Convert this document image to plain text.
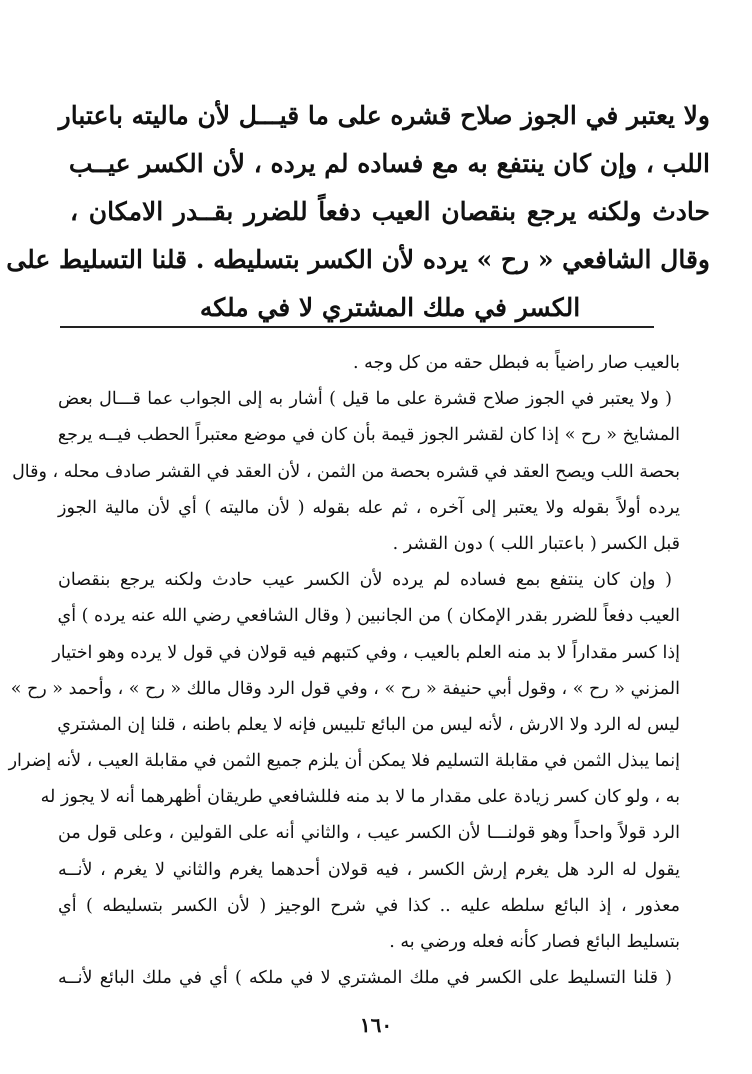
ولا يعتبر في الجوز صلاح قشره على ما قيـــل لأن ماليته باعتبار
اللب ، وإن كان ينتفع به مع فساده لم يرده ، لأن الكسر عيــب
حادث ولكنه يرجع بنقصان العيب دفعاً للضرر بقــدر الامكان ،
وقال الشافعي « رح » يرده لأن الكسر بتسليطه . قلنا التسليط على
الكسر في ملك المشتري لا في ملكه
بالعيب صار راضياً به فبطل حقه من كل وجه .
( ولا يعتبر في الجوز صلاح قشرة على ما قيل ) أشار به إلى الجواب عما قـــال بعض
المشايخ « رح » إذا كان لقشر الجوز قيمة بأن كان في موضع معتبراً الحطب فيــه يرجع
بحصة اللب ويصح العقد في قشره بحصة من الثمن ، لأن العقد في القشر صادف محله ، وقال
يرده أولاً بقوله ولا يعتبر إلى آخره ، ثم عله بقوله ( لأن ماليته ) أي لأن مالية الجوز
قبل الكسر ( باعتبار اللب ) دون القشر .
( وإن كان ينتفع بمع فساده لم يرده لأن الكسر عيب حادث ولكنه يرجع بنقصان
العيب دفعاً للضرر بقدر الإمكان ) من الجانبين ( وقال الشافعي رضي الله عنه يرده ) أي
إذا كسر مقداراً لا بد منه العلم بالعيب ، وفي كتبهم فيه قولان في قول لا يرده وهو اختيار
المزني « رح » ، وقول أبي حنيفة « رح » ، وفي قول الرد وقال مالك « رح » ، وأحمد « رح »
ليس له الرد ولا الارش ، لأنه ليس من البائع تلبيس فإنه لا يعلم باطنه ، قلنا إن المشتري
إنما يبذل الثمن في مقابلة التسليم فلا يمكن أن يلزم جميع الثمن في مقابلة العيب ، لأنه إضرار
به ، ولو كان كسر زيادة على مقدار ما لا بد منه فللشافعي طريقان أظهرهما أنه لا يجوز له
الرد قولاً واحداً وهو قولنـــا لأن الكسر عيب ، والثاني أنه على القولين ، وعلى قول من
يقول له الرد هل يغرم إرش الكسر ، فيه قولان أحدهما يغرم والثاني لا يغرم ، لأنــه
معذور ، إذ البائع سلطه عليه .. كذا في شرح الوجيز ( لأن الكسر بتسليطه ) أي
بتسليط البائع فصار كأنه فعله ورضي به .
( قلنا التسليط على الكسر في ملك المشتري لا في ملكه ) أي في ملك البائع لأنــه
١٦٠
